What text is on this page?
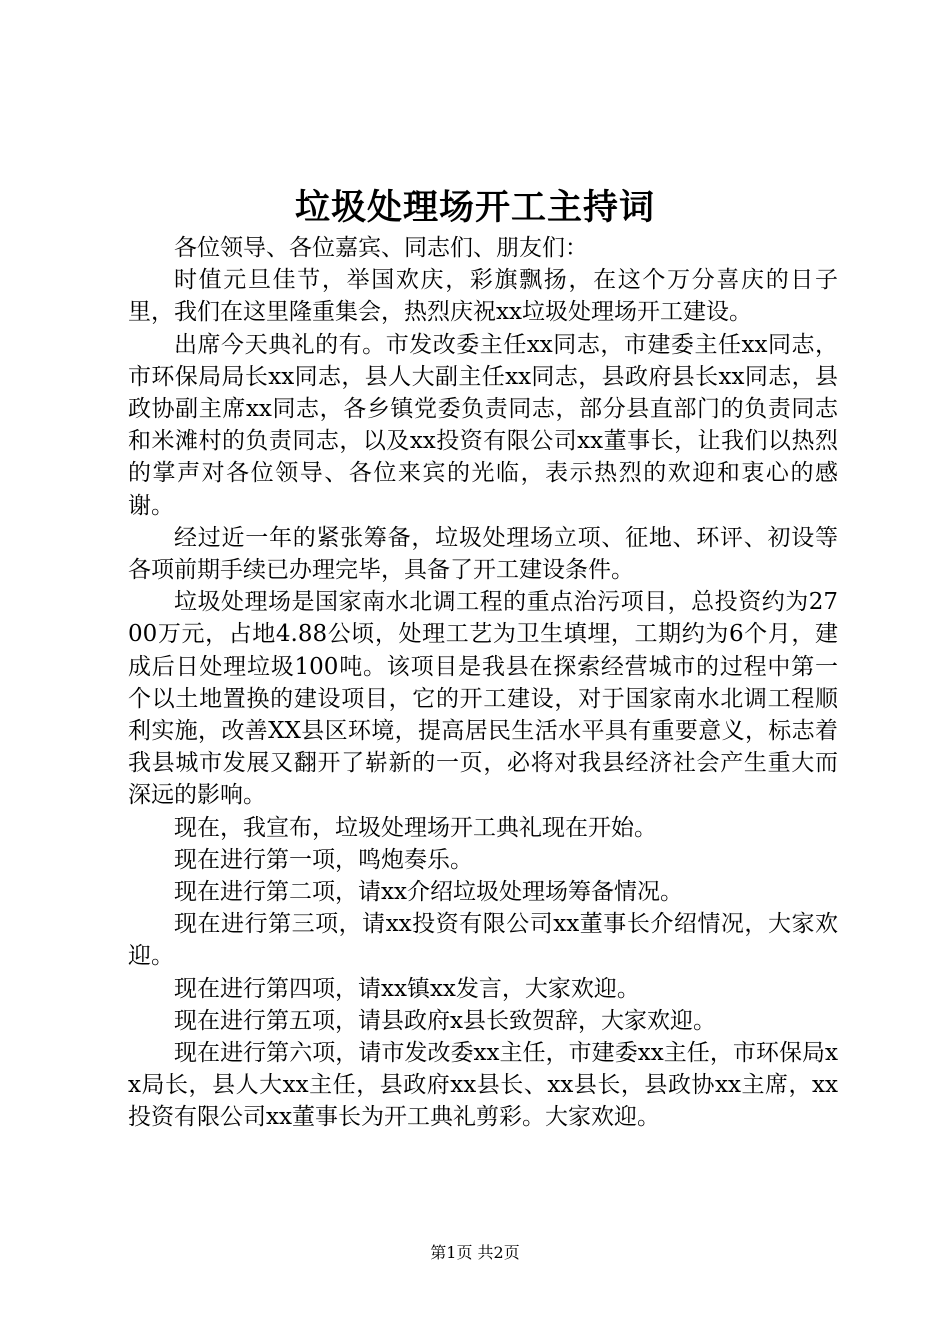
垃圾处理场开工主持词

各位领导、各位嘉宾、同志们、朋友们：

时值元旦佳节，举国欢庆，彩旗飘扬，在这个万分喜庆的日子里，我们在这里隆重集会，热烈庆祝xx垃圾处理场开工建设。

出席今天典礼的有。市发改委主任xx同志，市建委主任xx同志，市环保局局长xx同志，县人大副主任xx同志，县政府县长xx同志，县政协副主席xx同志，各乡镇党委负责同志，部分县直部门的负责同志和米滩村的负责同志，以及xx投资有限公司xx董事长，让我们以热烈的掌声对各位领导、各位来宾的光临，表示热烈的欢迎和衷心的感谢。

经过近一年的紧张筹备，垃圾处理场立项、征地、环评、初设等各项前期手续已办理完毕，具备了开工建设条件。

垃圾处理场是国家南水北调工程的重点治污项目，总投资约为2700万元，占地4.88公顷，处理工艺为卫生填埋，工期约为6个月，建成后日处理垃圾100吨。该项目是我县在探索经营城市的过程中第一个以土地置换的建设项目，它的开工建设，对于国家南水北调工程顺利实施，改善XX县区环境，提高居民生活水平具有重要意义，标志着我县城市发展又翻开了崭新的一页，必将对我县经济社会产生重大而深远的影响。

现在，我宣布，垃圾处理场开工典礼现在开始。

现在进行第一项，鸣炮奏乐。

现在进行第二项，请xx介绍垃圾处理场筹备情况。

现在进行第三项，请xx投资有限公司xx董事长介绍情况，大家欢迎。

现在进行第四项，请xx镇xx发言，大家欢迎。

现在进行第五项，请县政府x县长致贺辞，大家欢迎。

现在进行第六项，请市发改委xx主任，市建委xx主任，市环保局xx局长，县人大xx主任，县政府xx县长、xx县长，县政协xx主席，xx投资有限公司xx董事长为开工典礼剪彩。大家欢迎。

第1页 共2页
